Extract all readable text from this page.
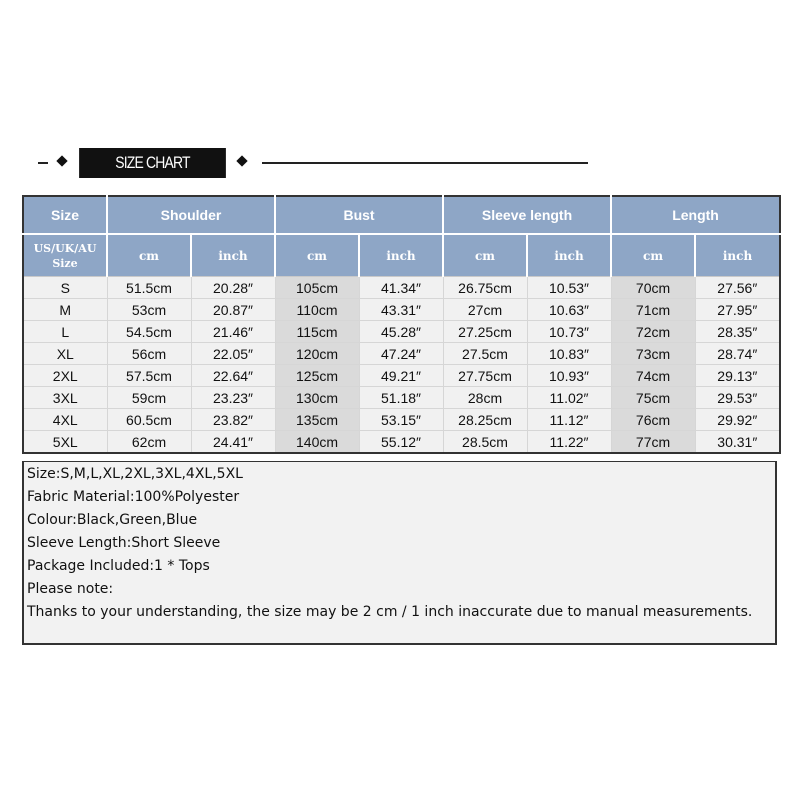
SIZE CHART
Size	Shoulder		Bust		Sleeve length		Length	
US/UK/AU Size	cm	inch	cm	inch	cm	inch	cm	inch
S	51.5cm	20.28″	105cm	41.34″	26.75cm	10.53″	70cm	27.56″
M	53cm	20.87″	110cm	43.31″	27cm	10.63″	71cm	27.95″
L	54.5cm	21.46″	115cm	45.28″	27.25cm	10.73″	72cm	28.35″
XL	56cm	22.05″	120cm	47.24″	27.5cm	10.83″	73cm	28.74″
2XL	57.5cm	22.64″	125cm	49.21″	27.75cm	10.93″	74cm	29.13″
3XL	59cm	23.23″	130cm	51.18″	28cm	11.02″	75cm	29.53″
4XL	60.5cm	23.82″	135cm	53.15″	28.25cm	11.12″	76cm	29.92″
5XL	62cm	24.41″	140cm	55.12″	28.5cm	11.22″	77cm	30.31″
Size:S,M,L,XL,2XL,3XL,4XL,5XL
Fabric Material:100%Polyester
Colour:Black,Green,Blue
Sleeve Length:Short Sleeve
Package Included:1 * Tops
Please note:
Thanks to your understanding, the size may be 2 cm / 1 inch inaccurate due to manual measurements.
